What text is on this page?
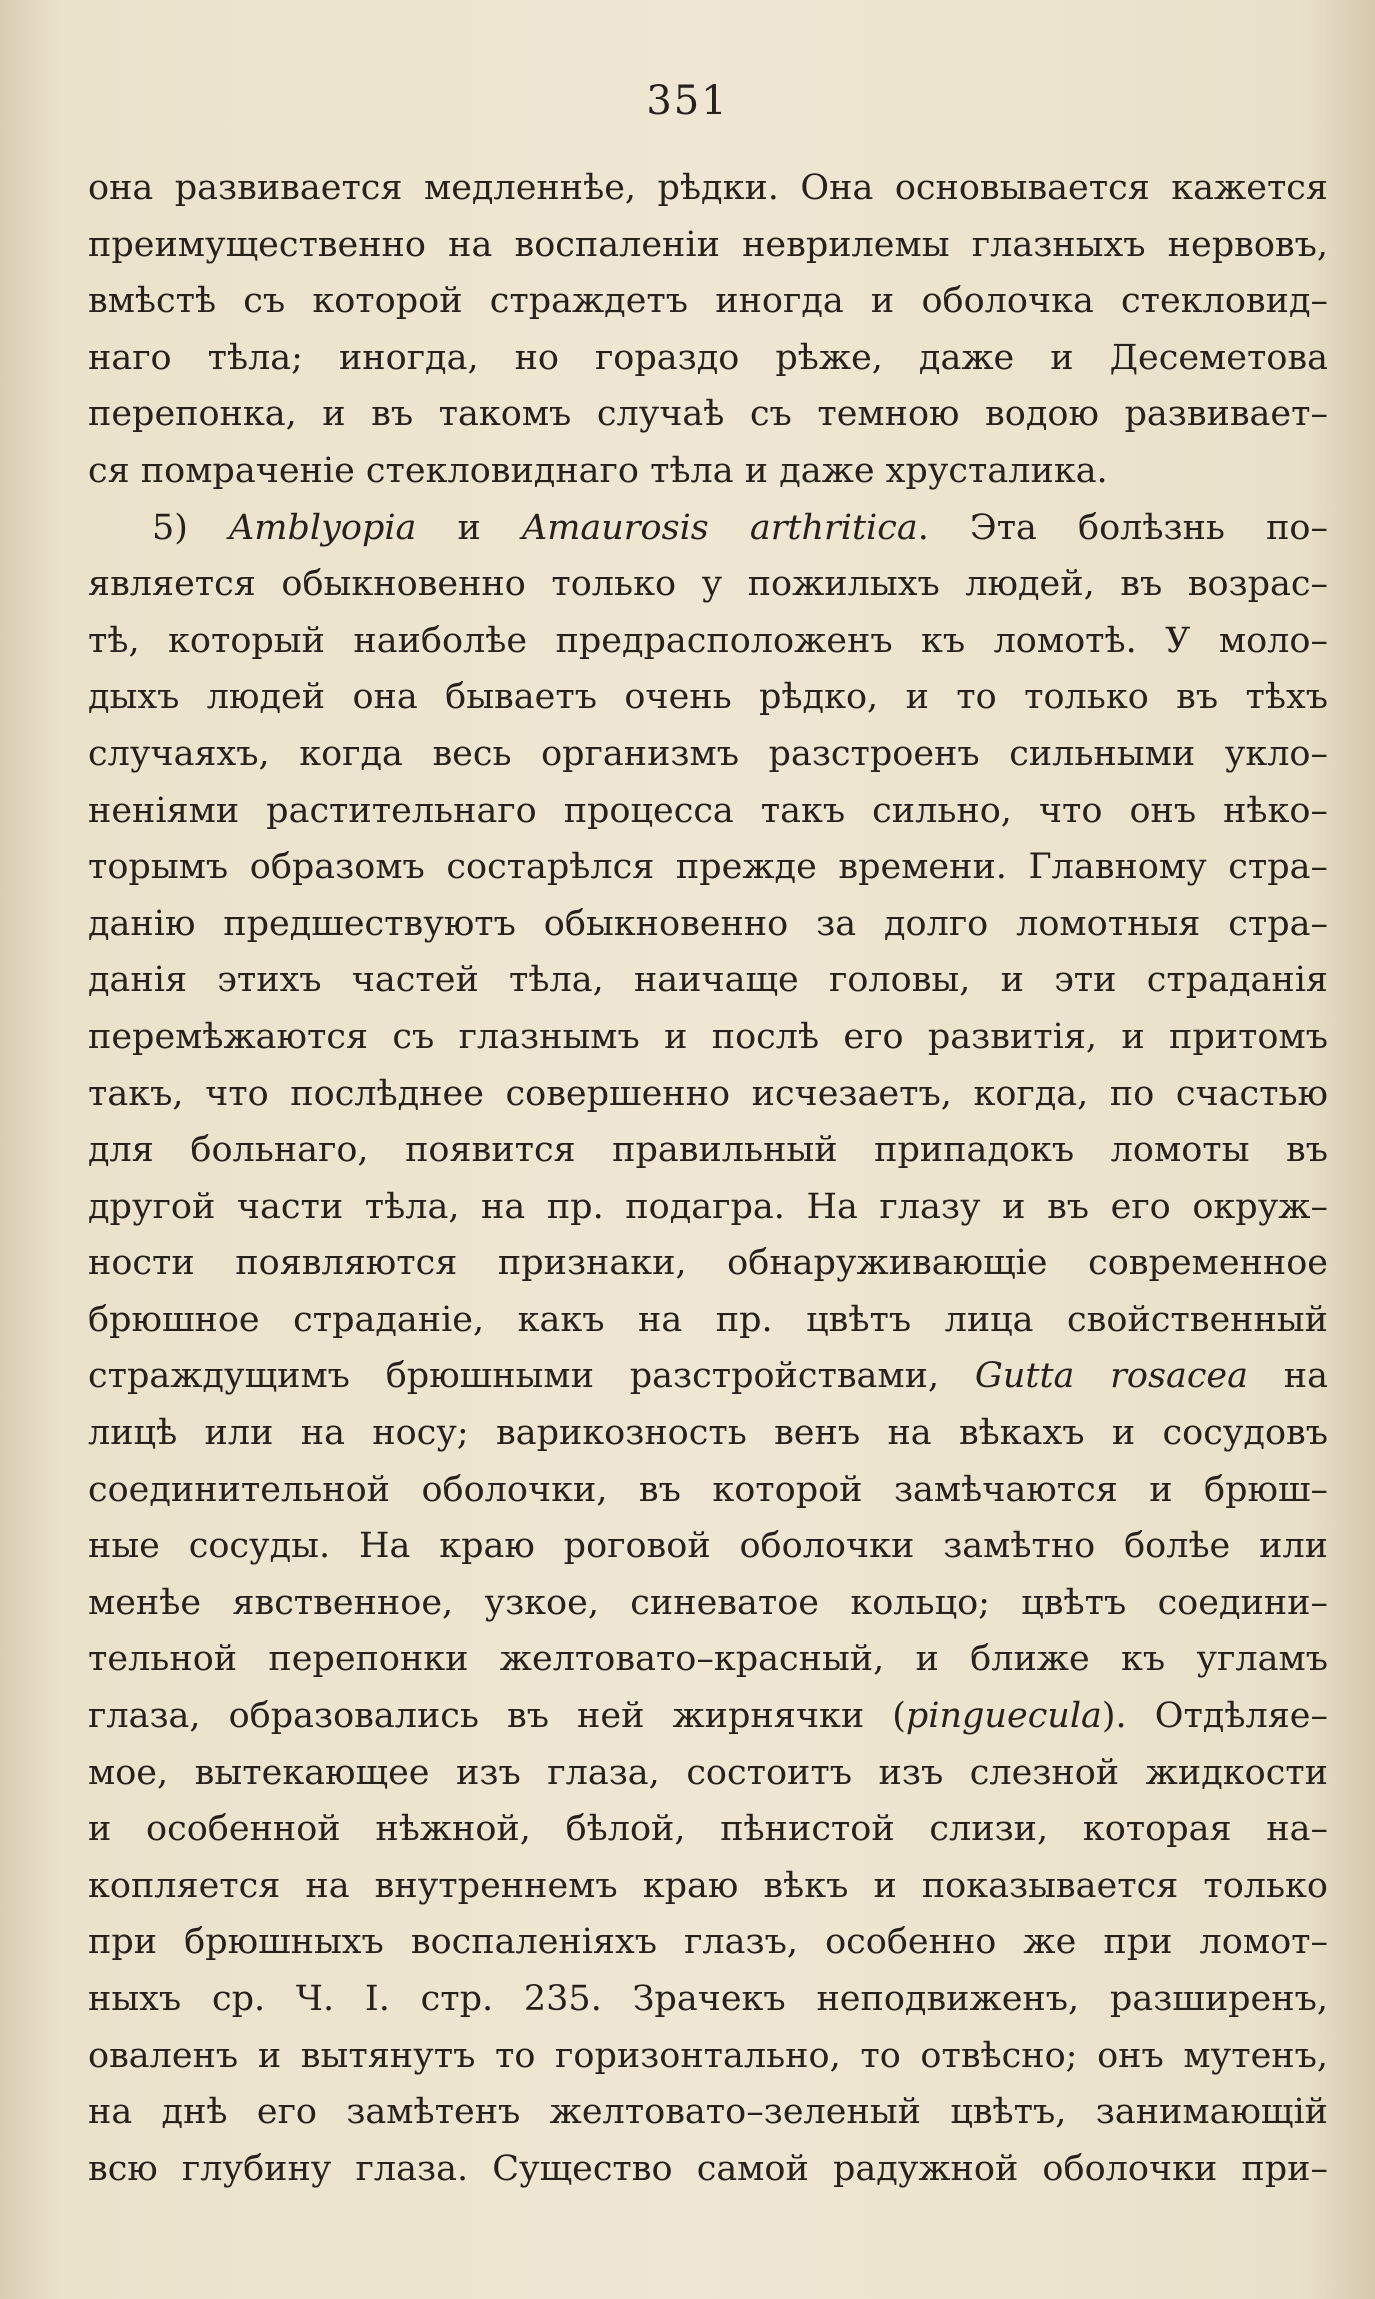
351
она развивается медленнѣе, рѣдки. Она основывается кажется
преимущественно на воспаленіи неврилемы глазныхъ нервовъ,
вмѣстѣ съ которой страждетъ иногда и оболочка стекловид–
наго тѣла; иногда, но гораздо рѣже, даже и Десеметова
перепонка, и въ такомъ случаѣ съ темною водою развивает–
ся помраченіе стекловиднаго тѣла и даже хрусталика.
5) Amblyopia и Amaurosis arthritica. Эта болѣзнь по–
является обыкновенно только у пожилыхъ людей, въ возрас–
тѣ, который наиболѣе предрасположенъ къ ломотѣ. У моло–
дыхъ людей она бываетъ очень рѣдко, и то только въ тѣхъ
случаяхъ, когда весь организмъ разстроенъ сильными укло–
неніями растительнаго процесса такъ сильно, что онъ нѣко–
торымъ образомъ состарѣлся прежде времени. Главному стра–
данію предшествуютъ обыкновенно за долго ломотныя стра–
данія этихъ частей тѣла, наичаще головы, и эти страданія
перемѣжаются съ глазнымъ и послѣ его развитія, и притомъ
такъ, что послѣднее совершенно исчезаетъ, когда, по счастью
для больнаго, появится правильный припадокъ ломоты въ
другой части тѣла, на пр. подагра. На глазу и въ его окруж–
ности появляются признаки, обнаруживающіе современное
брюшное страданіе, какъ на пр. цвѣтъ лица свойственный
страждущимъ брюшными разстройствами, Gutta rosacea на
лицѣ или на носу; варикозность венъ на вѣкахъ и сосудовъ
соединительной оболочки, въ которой замѣчаются и брюш–
ные сосуды. На краю роговой оболочки замѣтно болѣе или
менѣе явственное, узкое, синеватое кольцо; цвѣтъ соедини–
тельной перепонки желтовато–красный, и ближе къ угламъ
глаза, образовались въ ней жирнячки (pinguecula). Отдѣляе–
мое, вытекающее изъ глаза, состоитъ изъ слезной жидкости
и особенной нѣжной, бѣлой, пѣнистой слизи, которая на–
копляется на внутреннемъ краю вѣкъ и показывается только
при брюшныхъ воспаленіяхъ глазъ, особенно же при ломот–
ныхъ ср. Ч. I. стр. 235. Зрачекъ неподвиженъ, разширенъ,
оваленъ и вытянутъ то горизонтально, то отвѣсно; онъ мутенъ,
на днѣ его замѣтенъ желтовато–зеленый цвѣтъ, занимающій
всю глубину глаза. Существо самой радужной оболочки при–
